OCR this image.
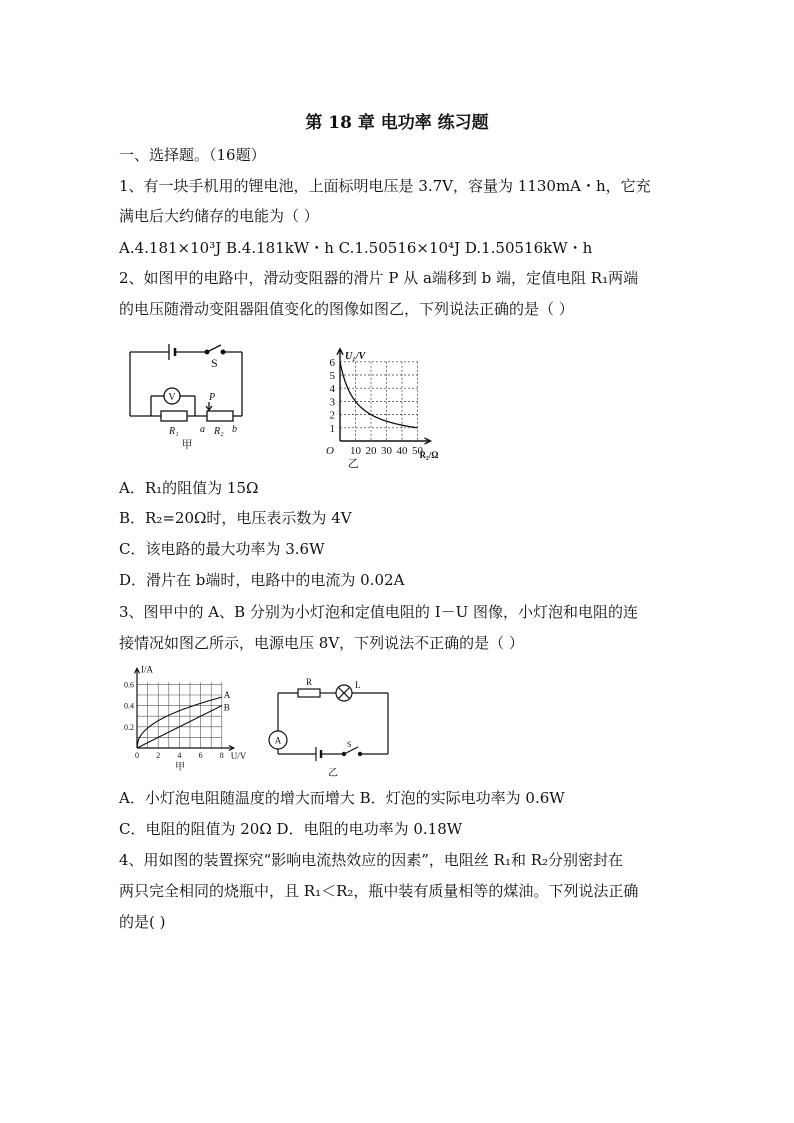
第 18 章 电功率 练习题
一、选择题。（16题）
1、有一块手机用的锂电池，上面标明电压是 3.7V，容量为 1130mA・h，它充
满电后大约储存的电能为（ ）
A.4.181×10³J B.4.181kW・h C.1.50516×10⁴J D.1.50516kW・h
2、如图甲的电路中，滑动变阻器的滑片 P 从 a端移到 b 端，定值电阻 R₁两端
的电压随滑动变阻器阻值变化的图像如图乙，下列说法正确的是（ ）
S
V	P
R₁ a R₂ b
甲	10 20 30 40 50
1
2
3
4
5
6
U₁/V
R₂/Ω
O
乙
A．R₁的阻值为 15Ω
B．R₂=20Ω时，电压表示数为 4V
C．该电路的最大功率为 3.6W
D．滑片在 b端时，电路中的电流为 0.02A
3、图甲中的 A、B 分别为小灯泡和定值电阻的 I－U 图像，小灯泡和电阻的连
接情况如图乙所示，电源电压 8V，下列说法不正确的是（ ）
0 2 4 6 8
0.2
0.4
0.6
A
B
I/A
U/V
甲
R	L
A	S
乙
A．小灯泡电阻随温度的增大而增大 B．灯泡的实际电功率为 0.6W
C．电阻的阻值为 20Ω D．电阻的电功率为 0.18W
4、用如图的装置探究“影响电流热效应的因素”，电阻丝 R₁和 R₂分别密封在
两只完全相同的烧瓶中，且 R₁＜R₂，瓶中装有质量相等的煤油。下列说法正确
的是( )
